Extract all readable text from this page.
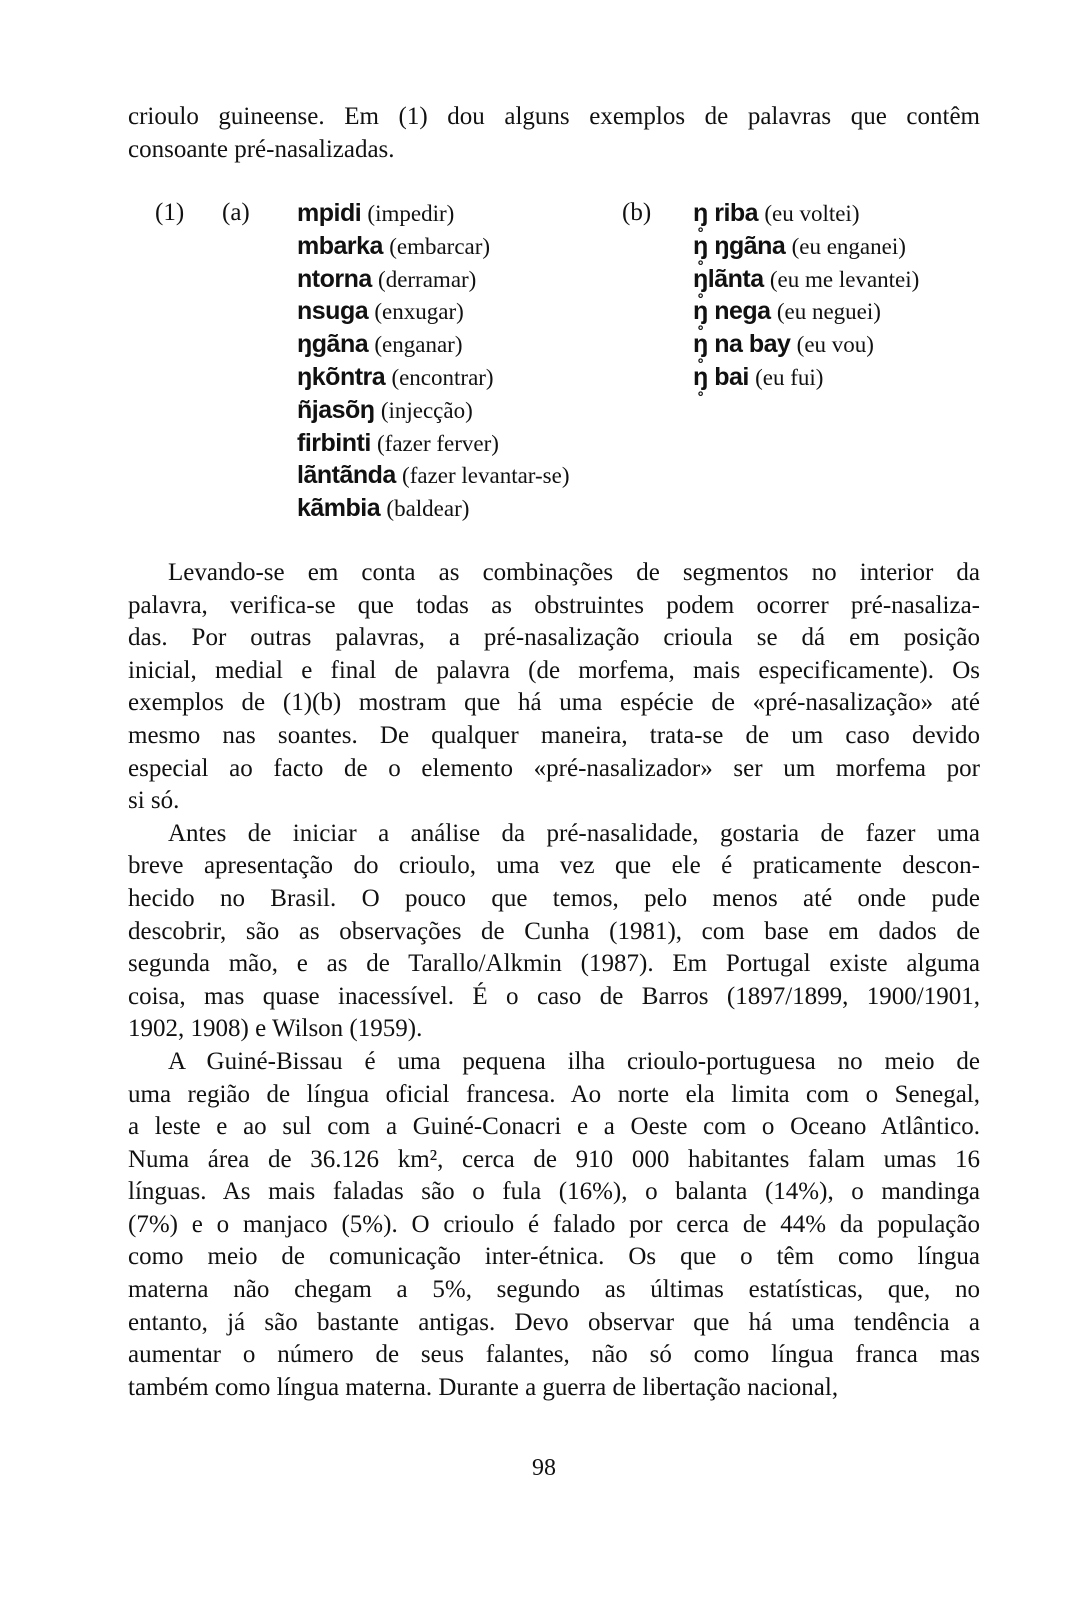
crioulo guineense. Em (1) dou alguns exemplos de palavras que contêm
consoante pré-nasalizadas.
(1) (a) mpidi (impedir)
mbarka (embarcar)
ntorna (derramar)
nsuga (enxugar)
ŋgãna (enganar)
ŋkõntra (encontrar)
ñjasõŋ (injecção)
firbinti (fazer ferver)
lãntãnda (fazer levantar-se)
kãmbia (baldear)
(b) ŋ̥ riba (eu voltei)
ŋ̥ ŋgãna (eu enganei)
ŋ̥lãnta (eu me levantei)
ŋ̥ nega (eu neguei)
ŋ̥ na bay (eu vou)
ŋ̥ bai (eu fui)
Levando-se em conta as combinações de segmentos no interior da
palavra, verifica-se que todas as obstruintes podem ocorrer pré-nasaliza-
das. Por outras palavras, a pré-nasalização crioula se dá em posição
inicial, medial e final de palavra (de morfema, mais especificamente). Os
exemplos de (1)(b) mostram que há uma espécie de «pré-nasalização» até
mesmo nas soantes. De qualquer maneira, trata-se de um caso devido
especial ao facto de o elemento «pré-nasalizador» ser um morfema por
si só.
Antes de iniciar a análise da pré-nasalidade, gostaria de fazer uma
breve apresentação do crioulo, uma vez que ele é praticamente descon-
hecido no Brasil. O pouco que temos, pelo menos até onde pude
descobrir, são as observações de Cunha (1981), com base em dados de
segunda mão, e as de Tarallo/Alkmin (1987). Em Portugal existe alguma
coisa, mas quase inacessível. É o caso de Barros (1897/1899, 1900/1901,
1902, 1908) e Wilson (1959).
A Guiné-Bissau é uma pequena ilha crioulo-portuguesa no meio de
uma região de língua oficial francesa. Ao norte ela limita com o Senegal,
a leste e ao sul com a Guiné-Conacri e a Oeste com o Oceano Atlântico.
Numa área de 36.126 km², cerca de 910 000 habitantes falam umas 16
línguas. As mais faladas são o fula (16%), o balanta (14%), o mandinga
(7%) e o manjaco (5%). O crioulo é falado por cerca de 44% da população
como meio de comunicação inter-étnica. Os que o têm como língua
materna não chegam a 5%, segundo as últimas estatísticas, que, no
entanto, já são bastante antigas. Devo observar que há uma tendência a
aumentar o número de seus falantes, não só como língua franca mas
também como língua materna. Durante a guerra de libertação nacional,
98
